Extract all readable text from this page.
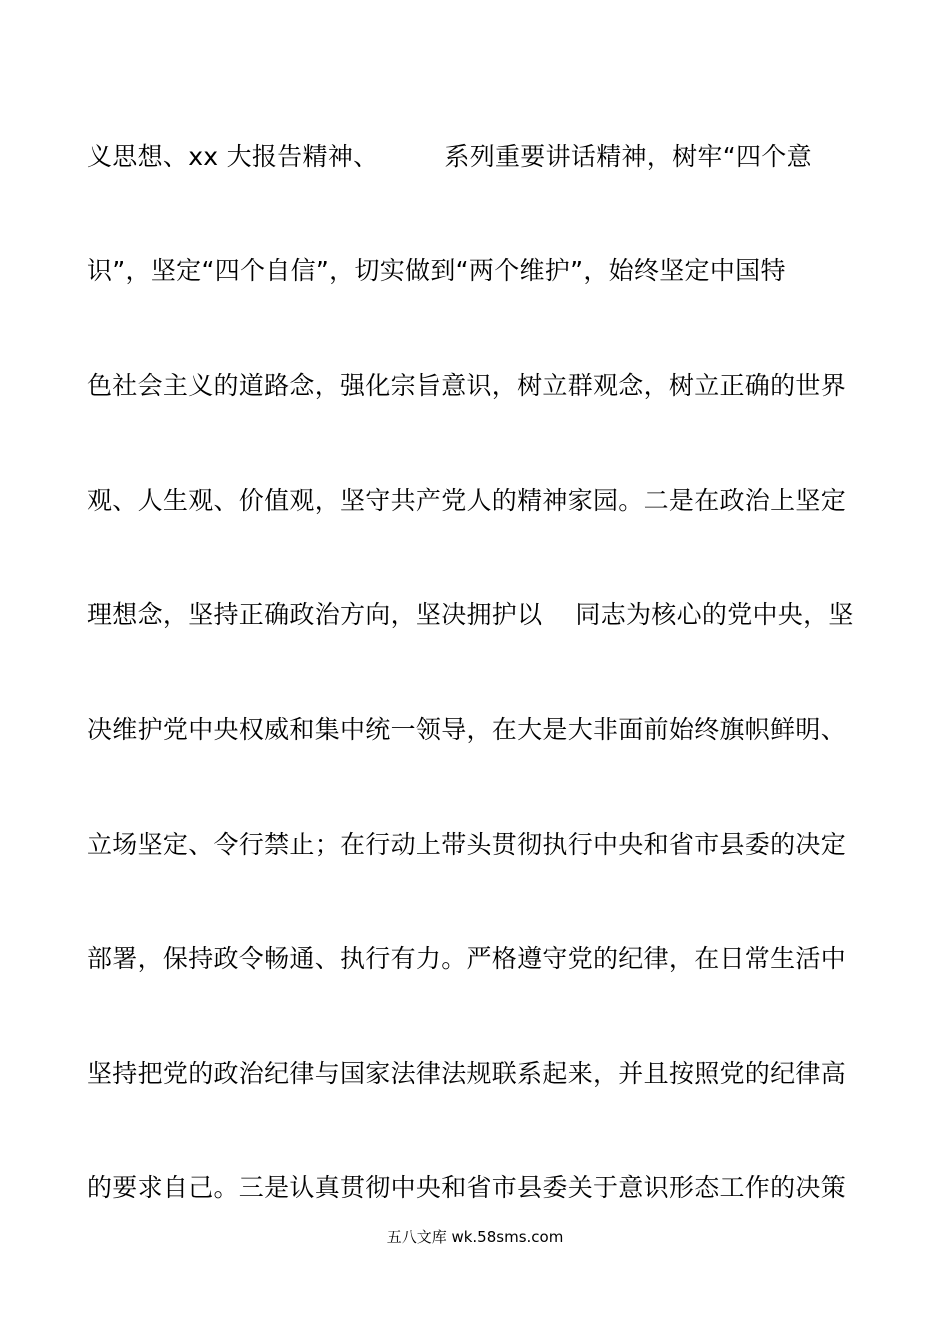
义思想、xx 大报告精神、        系列重要讲话精神，树牢“四个意
识”，坚定“四个自信”，切实做到“两个维护”，始终坚定中国特
色社会主义的道路念，强化宗旨意识，树立群观念，树立正确的世界
观、人生观、价值观，坚守共产党人的精神家园。二是在政治上坚定
理想念，坚持正确政治方向，坚决拥护以    同志为核心的党中央，坚
决维护党中央权威和集中统一领导，在大是大非面前始终旗帜鲜明、
立场坚定、令行禁止；在行动上带头贯彻执行中央和省市县委的决定
部署，保持政令畅通、执行有力。严格遵守党的纪律，在日常生活中
坚持把党的政治纪律与国家法律法规联系起来，并且按照党的纪律高
的要求自己。三是认真贯彻中央和省市县委关于意识形态工作的决策
五八文库 wk.58sms.com
